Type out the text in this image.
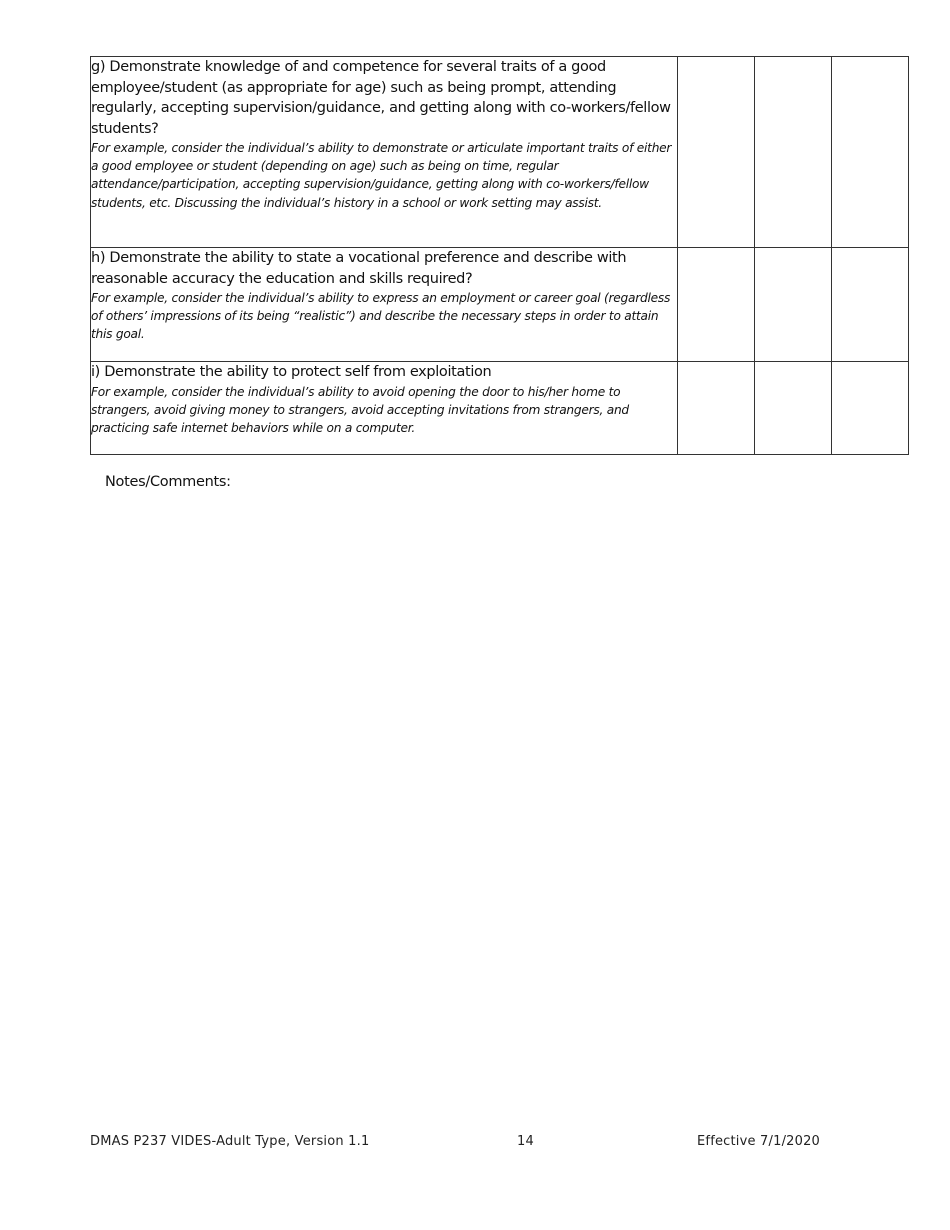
g) Demonstrate knowledge of and competence for several traits of a good employee/student (as appropriate for age) such as being prompt, attending regularly, accepting supervision/guidance, and getting along with co-workers/fellow students?
For example, consider the individual’s ability to demonstrate or articulate important traits of either a good employee or student (depending on age) such as being on time, regular attendance/participation, accepting supervision/guidance, getting along with co-workers/fellow students, etc. Discussing the individual’s history in a school or work setting may assist.			

h) Demonstrate the ability to state a vocational preference and describe with reasonable accuracy the education and skills required?
For example, consider the individual’s ability to express an employment or career goal (regardless of others’ impressions of its being “realistic”) and describe the necessary steps in order to attain this goal.			

i) Demonstrate the ability to protect self from exploitation
For example, consider the individual’s ability to avoid opening the door to his/her home to strangers, avoid giving money to strangers, avoid accepting invitations from strangers, and practicing safe internet behaviors while on a computer.			

Notes/Comments:
DMAS P237 VIDES-Adult Type, Version 1.1	14	Effective 7/1/2020
